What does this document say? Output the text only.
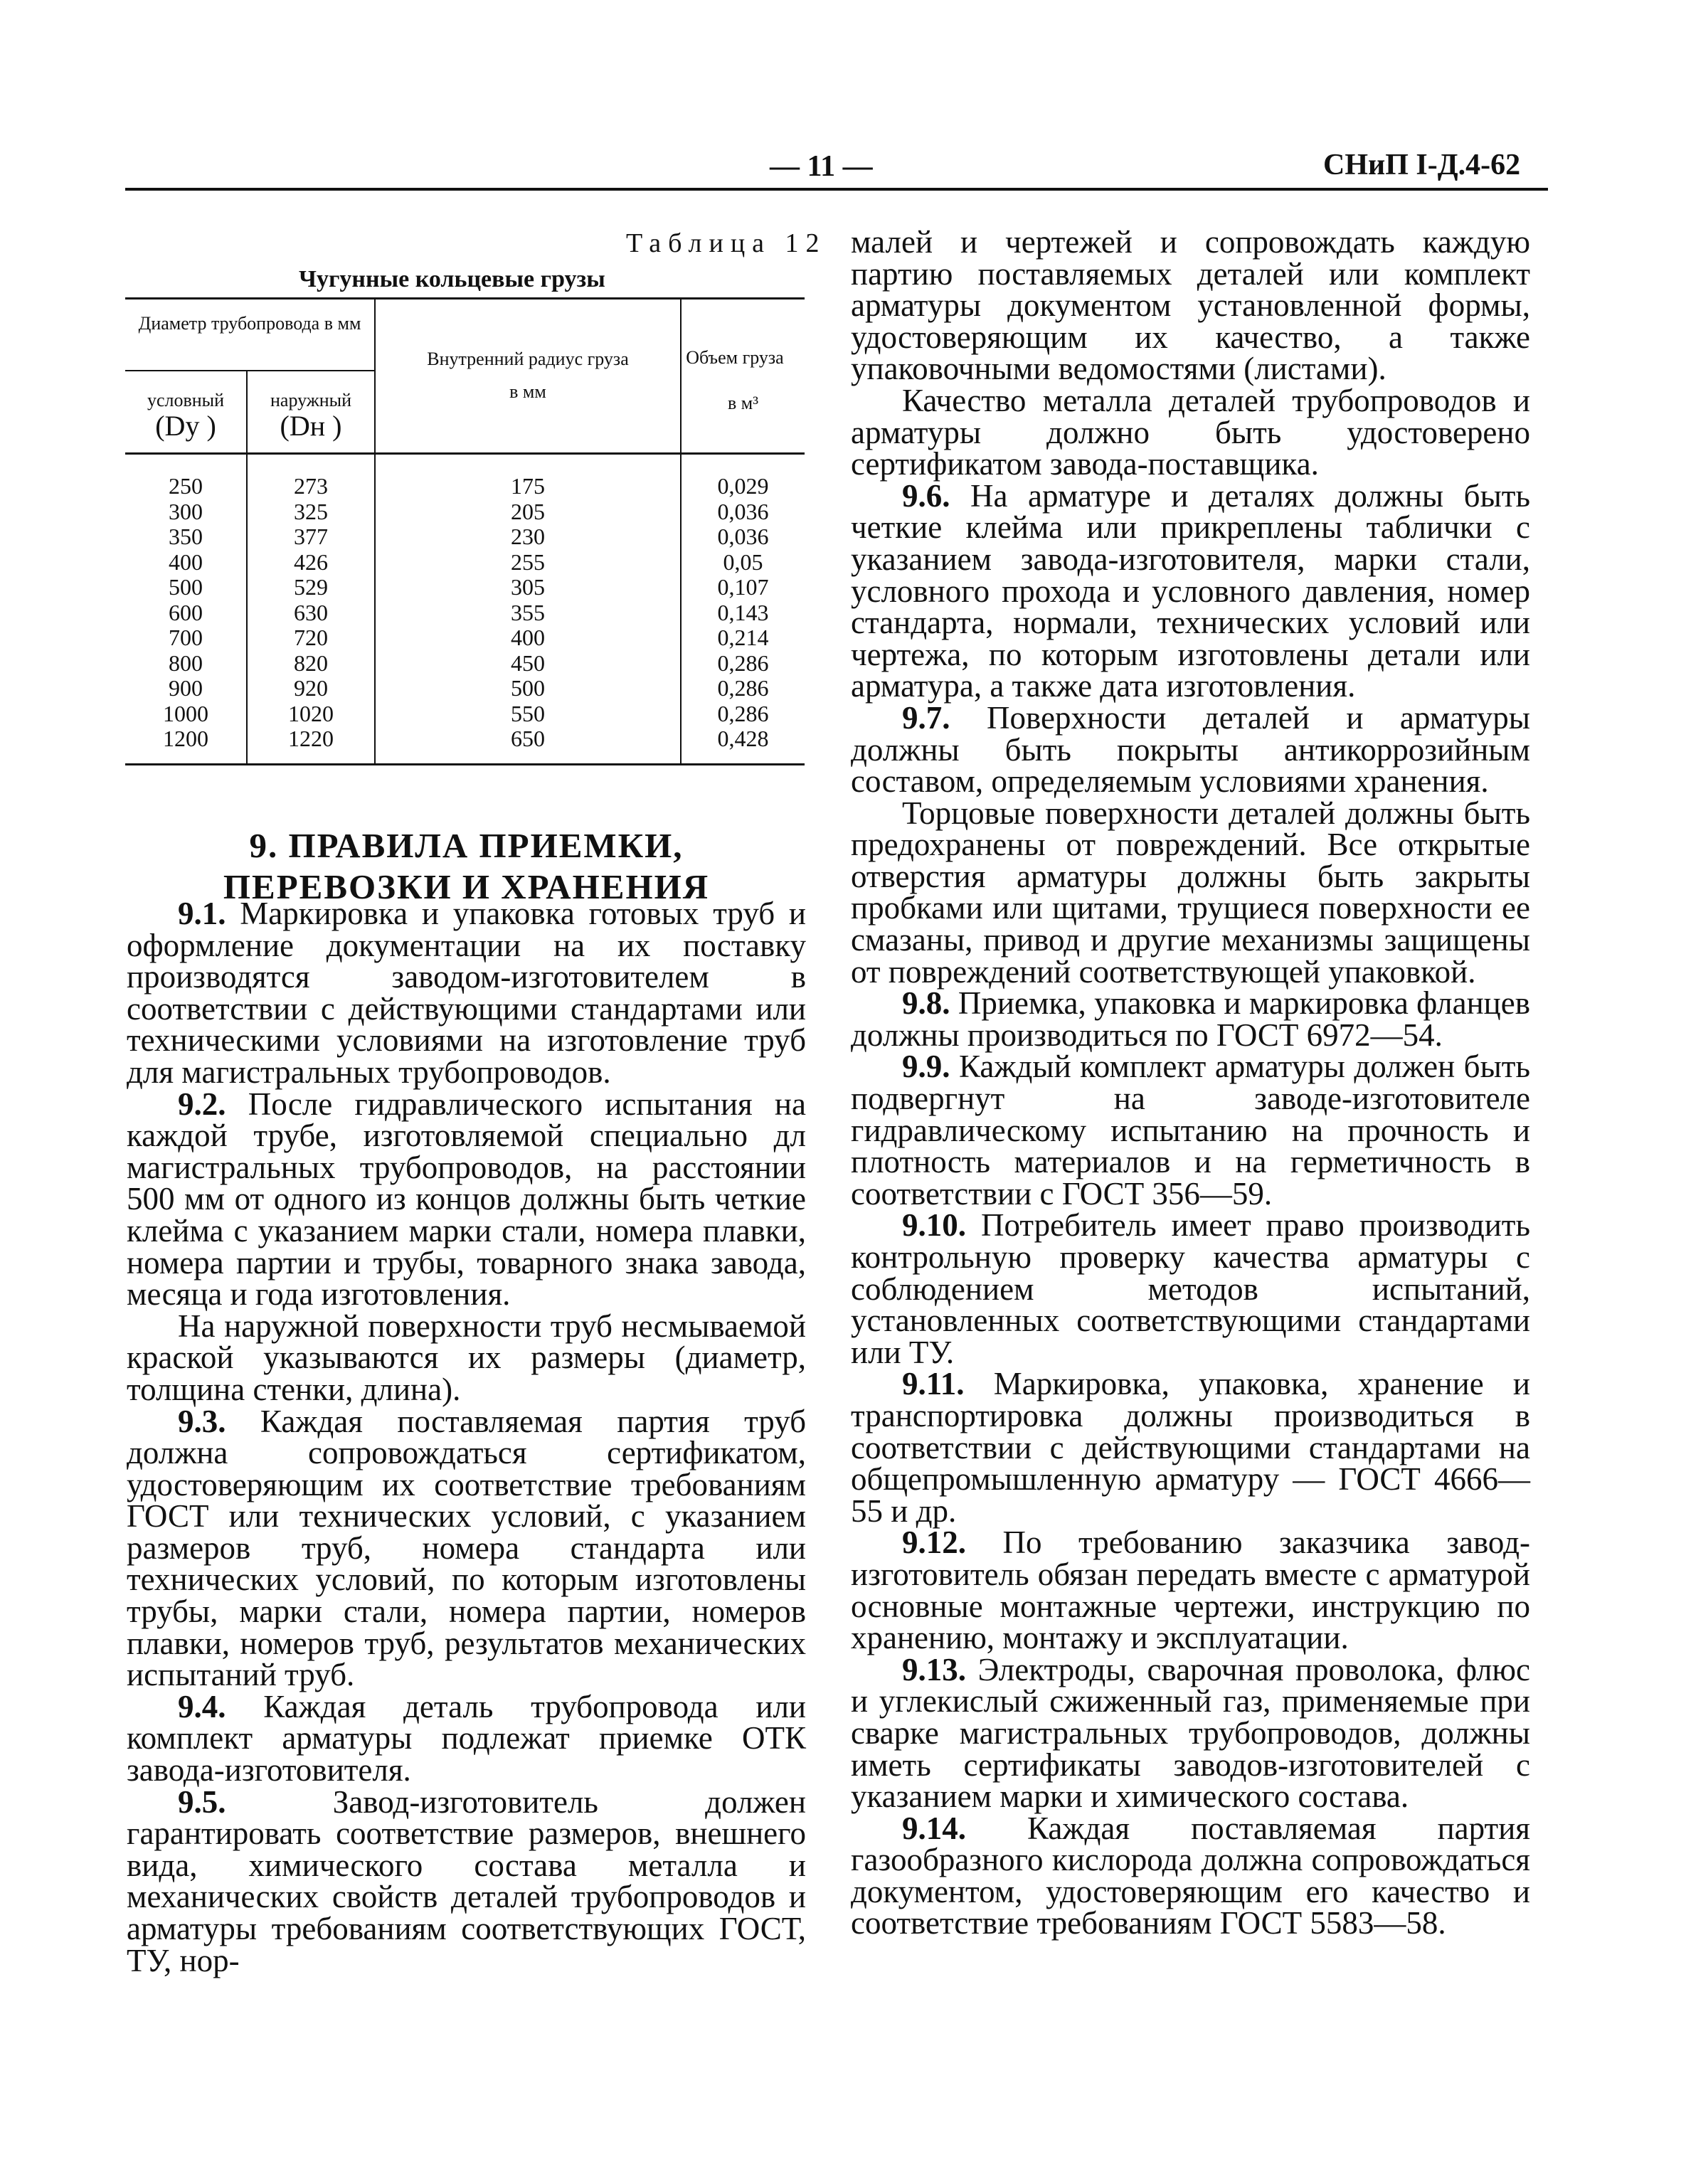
— 11 —	СНиП I-Д.4-62
Таблица 12
Чугунные кольцевые грузы
Диаметр трубопровода в мм
условный
(Dу )
наружный
(Dн )
Внутренний радиус груза
в мм
Объем груза
в м³
250
300
350
400
500
600
700
800
900
1000
1200
273
325
377
426
529
630
720
820
920
1020
1220
175
205
230
255
305
355
400
450
500
550
650
0,029
0,036
0,036
0,05
0,107
0,143
0,214
0,286
0,286
0,286
0,428
9. ПРАВИЛА ПРИЕМКИ,
ПЕРЕВОЗКИ И ХРАНЕНИЯ

9.1. Маркировка и упаковка готовых труб и оформление документации на их поставку производятся заводом-изготовителем в соответствии с действующими стандартами или техническими условиями на изготовление труб для магистральных трубопроводов.

9.2. После гидравлического испытания на каждой трубе, изготовляемой специально дл магистральных трубопроводов, на расстоянии 500 мм от одного из концов должны быть четкие клейма с указанием марки стали, номера плавки, номера партии и трубы, товарного знака завода, месяца и года изготовления.

На наружной поверхности труб несмываемой краской указываются их размеры (диаметр, толщина стенки, длина).

9.3. Каждая поставляемая партия труб должна сопровождаться сертификатом, удостоверяющим их соответствие требованиям ГОСТ или технических условий, с указанием размеров труб, номера стандарта или технических условий, по которым изготовлены трубы, марки стали, номера партии, номеров плавки, номеров труб, результатов механических испытаний труб.

9.4. Каждая деталь трубопровода или комплект арматуры подлежат приемке ОТК завода-изготовителя.

9.5. Завод-изготовитель должен гарантировать соответствие размеров, внешнего вида, химического состава металла и механических свойств деталей трубопроводов и арматуры требованиям соответствующих ГОСТ, ТУ, нор-

малей и чертежей и сопровождать каждую партию поставляемых деталей или комплект арматуры документом установленной формы, удостоверяющим их качество, а также упаковочными ведомостями (листами).

Качество металла деталей трубопроводов и арматуры должно быть удостоверено сертификатом завода-поставщика.

9.6. На арматуре и деталях должны быть четкие клейма или прикреплены таблички с указанием завода-изготовителя, марки стали, условного прохода и условного давления, номер стандарта, нормали, технических условий или чертежа, по которым изготовлены детали или арматура, а также дата изготовления.

9.7. Поверхности деталей и арматуры должны быть покрыты антикоррозийным составом, определяемым условиями хранения.

Торцовые поверхности деталей должны быть предохранены от повреждений. Все открытые отверстия арматуры должны быть закрыты пробками или щитами, трущиеся поверхности ее смазаны, привод и другие механизмы защищены от повреждений соответствующей упаковкой.

9.8. Приемка, упаковка и маркировка фланцев должны производиться по ГОСТ 6972—54.

9.9. Каждый комплект арматуры должен быть подвергнут на заводе-изготовителе гидравлическому испытанию на прочность и плотность материалов и на герметичность в соответствии с ГОСТ 356—59.

9.10. Потребитель имеет право производить контрольную проверку качества арматуры с соблюдением методов испытаний, установленных соответствующими стандартами или ТУ.

9.11. Маркировка, упаковка, хранение и транспортировка должны производиться в соответствии с действующими стандартами на общепромышленную арматуру — ГОСТ 4666—55 и др.

9.12. По требованию заказчика завод-изготовитель обязан передать вместе с арматурой основные монтажные чертежи, инструкцию по хранению, монтажу и эксплуатации.

9.13. Электроды, сварочная проволока, флюс и углекислый сжиженный газ, применяемые при сварке магистральных трубопроводов, должны иметь сертификаты заводов-изготовителей с указанием марки и химического состава.

9.14. Каждая поставляемая партия газообразного кислорода должна сопровождаться документом, удостоверяющим его качество и соответствие требованиям ГОСТ 5583—58.
